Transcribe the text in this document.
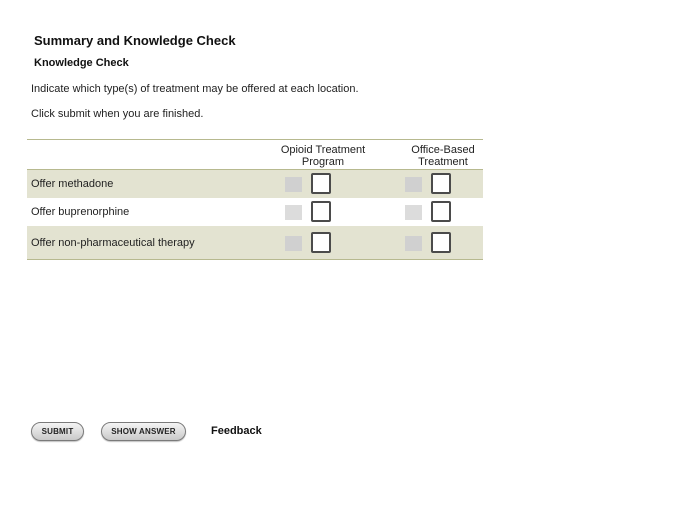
Summary and Knowledge Check
Knowledge Check
Indicate which type(s) of treatment may be offered at each location.
Click submit when you are finished.
Opioid Treatment
Program
Office-Based
Treatment
Offer methadone
Offer buprenorphine
Offer non-pharmaceutical therapy
SUBMIT	SHOW ANSWER	Feedback
